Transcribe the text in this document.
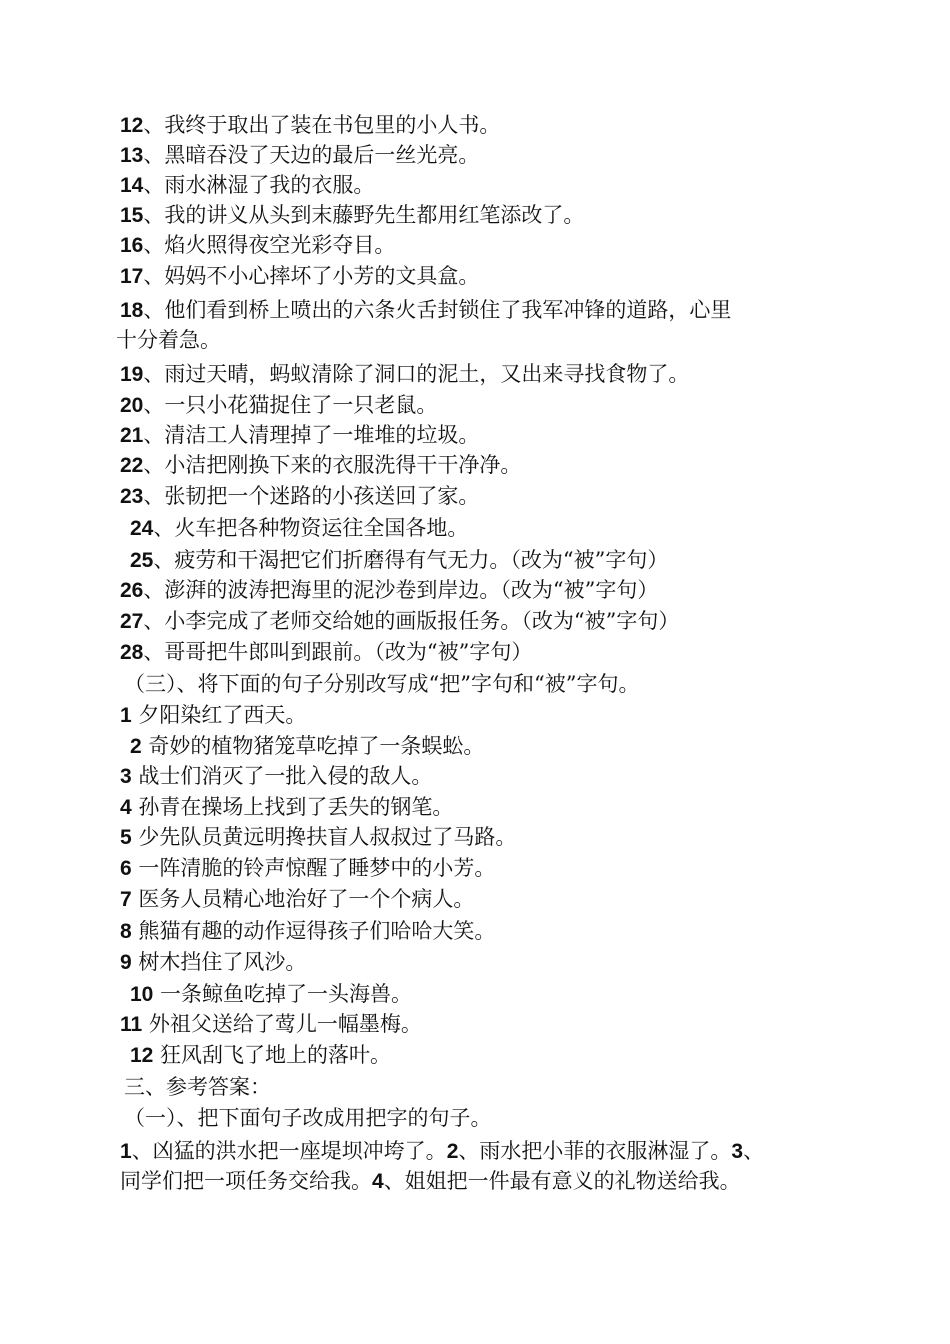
12、我终于取出了装在书包里的小人书。
13、黑暗吞没了天边的最后一丝光亮。
14、雨水淋湿了我的衣服。
15、我的讲义从头到末藤野先生都用红笔添改了。
16、焰火照得夜空光彩夺目。
17、妈妈不小心摔坏了小芳的文具盒。
18、他们看到桥上喷出的六条火舌封锁住了我军冲锋的道路，心里
十分着急。
19、雨过天晴，蚂蚁清除了洞口的泥土，又出来寻找食物了。
20、一只小花猫捉住了一只老鼠。
21、清洁工人清理掉了一堆堆的垃圾。
22、小洁把刚换下来的衣服洗得干干净净。
23、张韧把一个迷路的小孩送回了家。
24、火车把各种物资运往全国各地。
25、疲劳和干渴把它们折磨得有气无力。（改为“被”字句）
26、澎湃的波涛把海里的泥沙卷到岸边。（改为“被”字句）
27、小李完成了老师交给她的画版报任务。（改为“被”字句）
28、哥哥把牛郎叫到跟前。（改为“被”字句）
（三）、将下面的句子分别改写成“把”字句和“被”字句。
1 夕阳染红了西天。
2 奇妙的植物猪笼草吃掉了一条蜈蚣。
3 战士们消灭了一批入侵的敌人。
4 孙青在操场上找到了丢失的钢笔。
5 少先队员黄远明搀扶盲人叔叔过了马路。
6 一阵清脆的铃声惊醒了睡梦中的小芳。
7 医务人员精心地治好了一个个病人。
8 熊猫有趣的动作逗得孩子们哈哈大笑。
9 树木挡住了风沙。
10 一条鲸鱼吃掉了一头海兽。
11 外祖父送给了莺儿一幅墨梅。
12 狂风刮飞了地上的落叶。
三、参考答案：
（一）、把下面句子改成用把字的句子。
1、凶猛的洪水把一座堤坝冲垮了。2、雨水把小菲的衣服淋湿了。3、
同学们把一项任务交给我。4、姐姐把一件最有意义的礼物送给我。
